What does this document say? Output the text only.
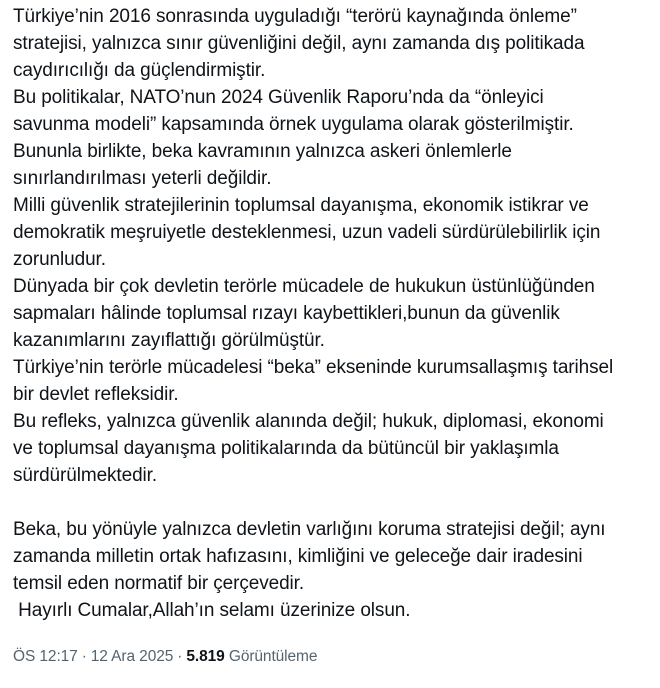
Türkiye’nin 2016 sonrasında uyguladığı “terörü kaynağında önleme”
stratejisi, yalnızca sınır güvenliğini değil, aynı zamanda dış politikada
caydırıcılığı da güçlendirmiştir.
Bu politikalar, NATO’nun 2024 Güvenlik Raporu’nda da “önleyici
savunma modeli” kapsamında örnek uygulama olarak gösterilmiştir.
Bununla birlikte, beka kavramının yalnızca askeri önlemlerle
sınırlandırılması yeterli değildir.
Milli güvenlik stratejilerinin toplumsal dayanışma, ekonomik istikrar ve
demokratik meşruiyetle desteklenmesi, uzun vadeli sürdürülebilirlik için
zorunludur.
Dünyada bir çok devletin terörle mücadele de hukukun üstünlüğünden
sapmaları hâlinde toplumsal rızayı kaybettikleri,bunun da güvenlik
kazanımlarını zayıflattığı görülmüştür.
Türkiye’nin terörle mücadelesi “beka” ekseninde kurumsallaşmış tarihsel
bir devlet refleksidir.
Bu refleks, yalnızca güvenlik alanında değil; hukuk, diplomasi, ekonomi
ve toplumsal dayanışma politikalarında da bütüncül bir yaklaşımla
sürdürülmektedir.
Beka, bu yönüyle yalnızca devletin varlığını koruma stratejisi değil; aynı
zamanda milletin ortak hafızasını, kimliğini ve geleceğe dair iradesini
temsil eden normatif bir çerçevedir.
Hayırlı Cumalar,Allah’ın selamı üzerinize olsun.
ÖS 12:17 · 12 Ara 2025 · 5.819 Görüntüleme
